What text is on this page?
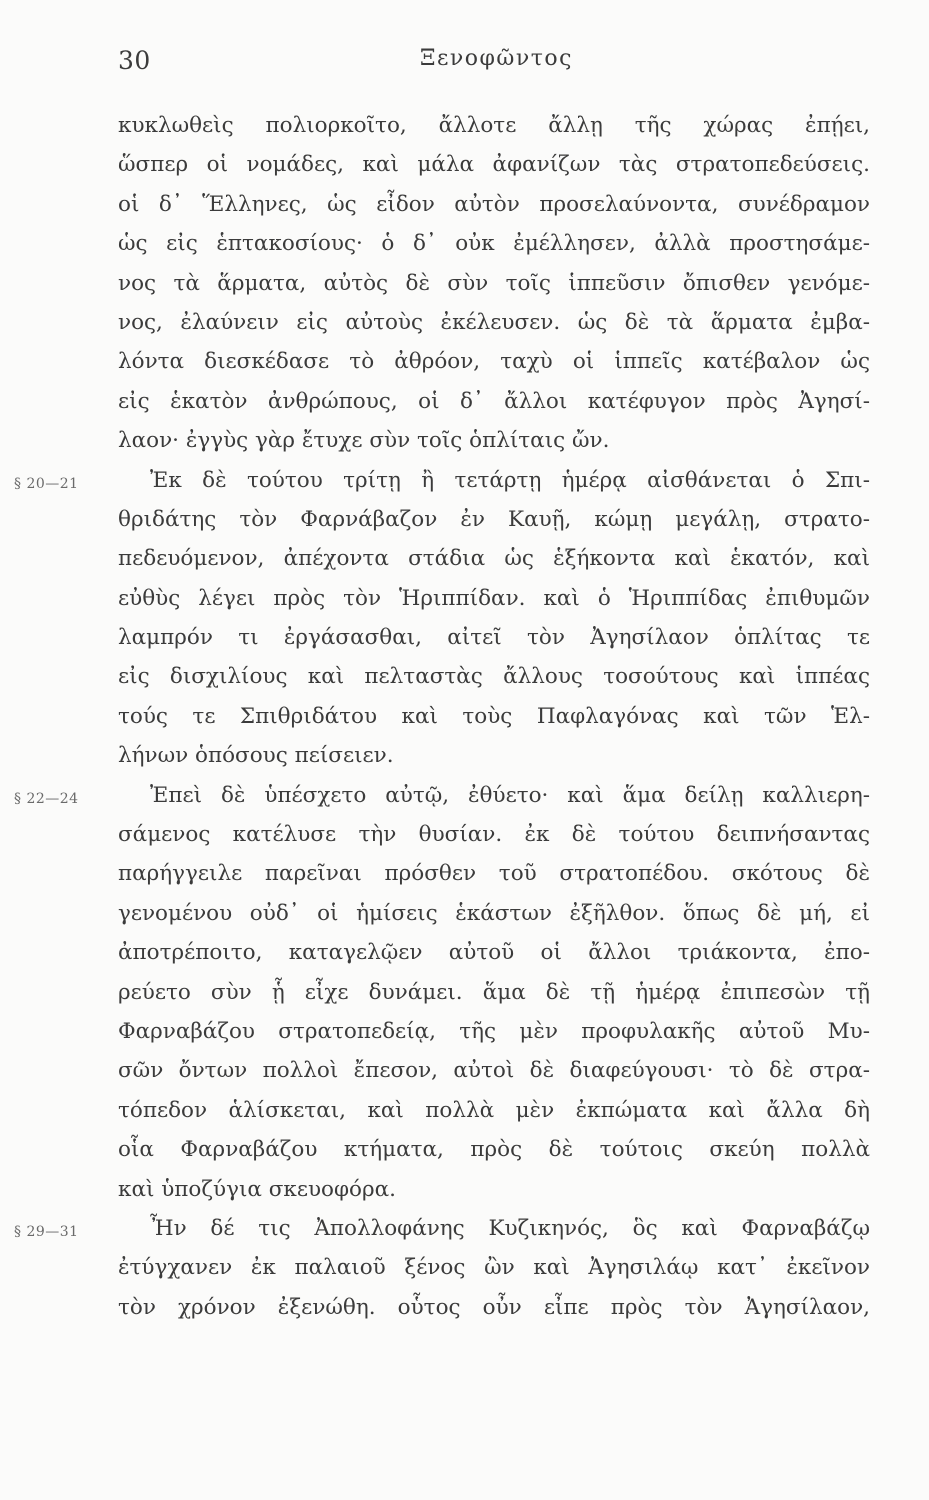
30	Ξενοφῶντος
§ 20—21
§ 22—24
§ 29—31
κυκλωθεὶς πολιορκοῖτο, ἄλλοτε ἄλλῃ τῆς χώρας ἐπῄει,
ὥσπερ οἱ νομάδες, καὶ μάλα ἀφανίζων τὰς στρατοπεδεύσεις.
οἱ δ᾿ Ἕλληνες, ὡς εἶδον αὐτὸν προσελαύνοντα, συνέδραμον
ὡς εἰς ἑπτακοσίους· ὁ δ᾿ οὐκ ἐμέλλησεν, ἀλλὰ προστησάμε-
νος τὰ ἅρματα, αὐτὸς δὲ σὺν τοῖς ἱππεῦσιν ὄπισθεν γενόμε-
νος, ἐλαύνειν εἰς αὐτοὺς ἐκέλευσεν. ὡς δὲ τὰ ἅρματα ἐμβα-
λόντα διεσκέδασε τὸ ἀθρόον, ταχὺ οἱ ἱππεῖς κατέβαλον ὡς
εἰς ἑκατὸν ἀνθρώπους, οἱ δ᾿ ἄλλοι κατέφυγον πρὸς Ἀγησί-
λαον· ἐγγὺς γὰρ ἔτυχε σὺν τοῖς ὁπλίταις ὤν.
Ἐκ δὲ τούτου τρίτῃ ἢ τετάρτῃ ἡμέρᾳ αἰσθάνεται ὁ Σπι-
θριδάτης τὸν Φαρνάβαζον ἐν Καυῇ, κώμῃ μεγάλῃ, στρατο-
πεδευόμενον, ἀπέχοντα στάδια ὡς ἑξήκοντα καὶ ἑκατόν, καὶ
εὐθὺς λέγει πρὸς τὸν Ἡριππίδαν. καὶ ὁ Ἡριππίδας ἐπιθυμῶν
λαμπρόν τι ἐργάσασθαι, αἰτεῖ τὸν Ἀγησίλαον ὁπλίτας τε
εἰς δισχιλίους καὶ πελταστὰς ἄλλους τοσούτους καὶ ἱππέας
τούς τε Σπιθριδάτου καὶ τοὺς Παφλαγόνας καὶ τῶν Ἑλ-
λήνων ὁπόσους πείσειεν.
Ἐπεὶ δὲ ὑπέσχετο αὐτῷ, ἐθύετο· καὶ ἅμα δείλῃ καλλιερη-
σάμενος κατέλυσε τὴν θυσίαν. ἐκ δὲ τούτου δειπνήσαντας
παρήγγειλε παρεῖναι πρόσθεν τοῦ στρατοπέδου. σκότους δὲ
γενομένου οὐδ᾿ οἱ ἡμίσεις ἑκάστων ἐξῆλθον. ὅπως δὲ μή, εἰ
ἀποτρέποιτο, καταγελῷεν αὐτοῦ οἱ ἄλλοι τριάκοντα, ἐπο-
ρεύετο σὺν ᾗ εἶχε δυνάμει. ἅμα δὲ τῇ ἡμέρᾳ ἐπιπεσὼν τῇ
Φαρναβάζου στρατοπεδείᾳ, τῆς μὲν προφυλακῆς αὐτοῦ Μυ-
σῶν ὄντων πολλοὶ ἔπεσον, αὐτοὶ δὲ διαφεύγουσι· τὸ δὲ στρα-
τόπεδον ἁλίσκεται, καὶ πολλὰ μὲν ἐκπώματα καὶ ἄλλα δὴ
οἷα Φαρναβάζου κτήματα, πρὸς δὲ τούτοις σκεύη πολλὰ
καὶ ὑποζύγια σκευοφόρα.
Ἦν δέ τις Ἀπολλοφάνης Κυζικηνός, ὃς καὶ Φαρναβάζῳ
ἐτύγχανεν ἐκ παλαιοῦ ξένος ὢν καὶ Ἀγησιλάῳ κατ᾿ ἐκεῖνον
τὸν χρόνον ἐξενώθη. οὗτος οὖν εἶπε πρὸς τὸν Ἀγησίλαον,
